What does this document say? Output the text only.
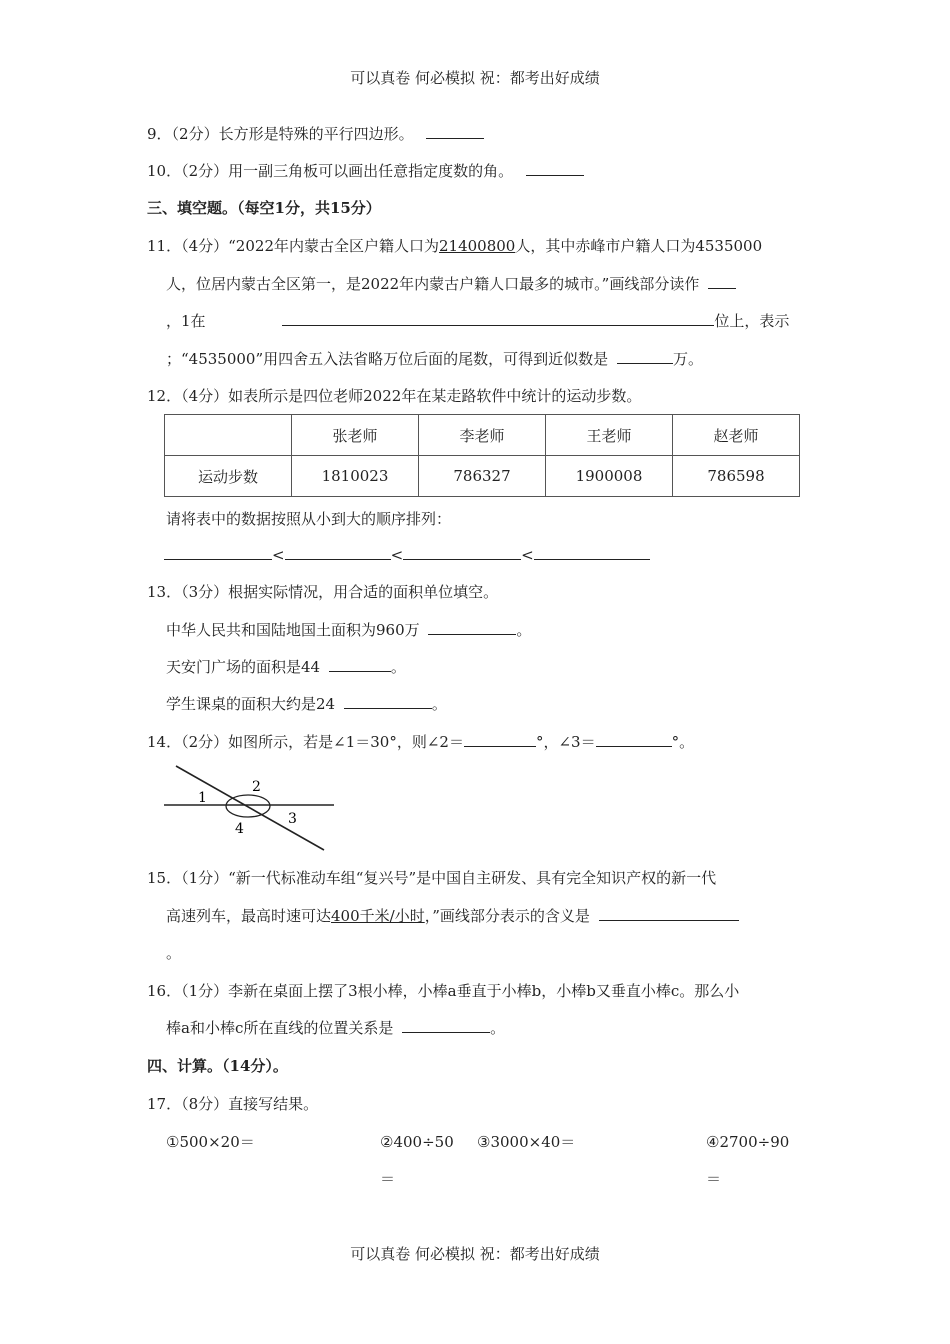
可以真卷 何必模拟 祝：都考出好成绩
9．（2分）长方形是特殊的平行四边形。
10．（2分）用一副三角板可以画出任意指定度数的角。
三、填空题。（每空1分，共15分）
11．（4分）“2022年内蒙古全区户籍人口为21400800人，其中赤峰市户籍人口为4535000
人，位居内蒙古全区第一，是2022年内蒙古户籍人口最多的城市。”画线部分读作
，1在	位上，表示
；“4535000”用四舍五入法省略万位后面的尾数，可得到近似数是	万。
12．（4分）如表所示是四位老师2022年在某走路软件中统计的运动步数。
	张老师	李老师	王老师	赵老师
运动步数	1810023	786327	1900008	786598
请将表中的数据按照从小到大的顺序排列：
<	<	<
13．（3分）根据实际情况，用合适的面积单位填空。
中华人民共和国陆地国土面积为960万	。
天安门广场的面积是44	。
学生课桌的面积大约是24	。
14．（2分）如图所示，若是∠1＝30°，则∠2＝	°，∠3＝	°。
1
2
3
4
15．（1分）“新一代标准动车组“复兴号”是中国自主研发、具有完全知识产权的新一代
高速列车，最高时速可达400千米/小时，”画线部分表示的含义是
。
16．（1分）李新在桌面上摆了3根小棒，小棒a垂直于小棒b，小棒b又垂直小棒c。那么小
棒a和小棒c所在直线的位置关系是	。
四、计算。（14分）。
17．（8分）直接写结果。
①500×20＝	②400÷50 ③3000×40＝	④2700÷90
＝	＝
可以真卷 何必模拟 祝：都考出好成绩
